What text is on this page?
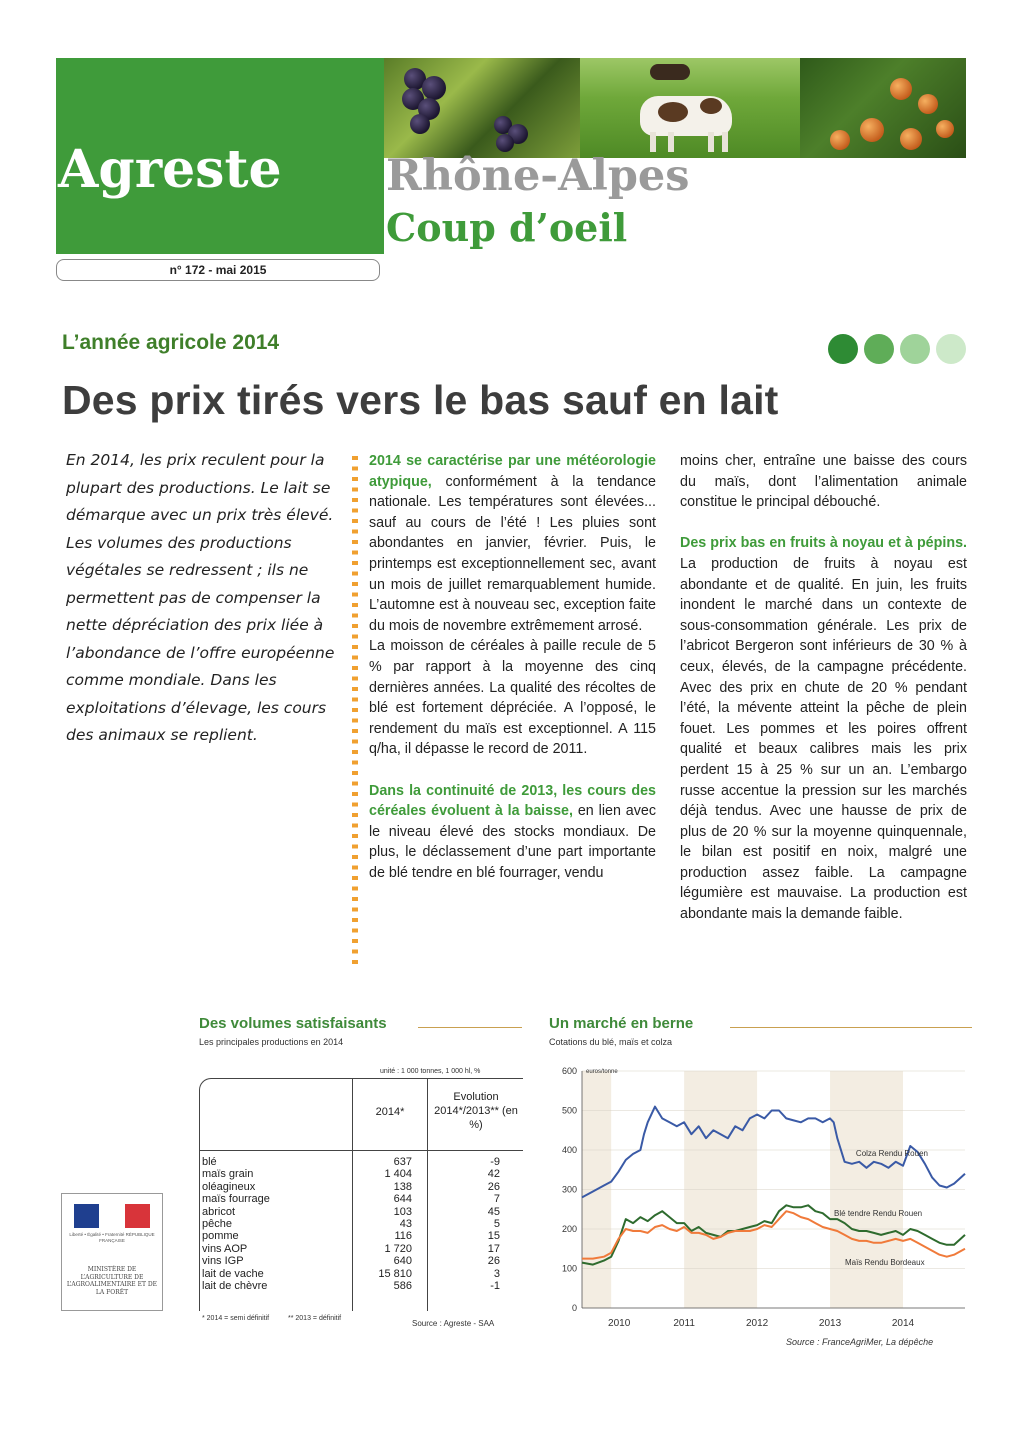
Agreste Rhône-Alpes
Coup d’oeil
n° 172 - mai 2015
L’année agricole 2014
Des prix tirés vers le bas sauf en lait
En 2014, les prix reculent pour la plupart des productions. Le lait se démarque avec un prix très élevé. Les volumes des productions végétales se redressent ; ils ne permettent pas de compenser la nette dépréciation des prix liée à l’abondance de l’offre européenne comme mondiale. Dans les exploitations d’élevage, les cours des animaux se replient.

2014 se caractérise par une météorologie atypique, conformément à la tendance nationale. Les températures sont élevées... sauf au cours de l’été ! Les pluies sont abondantes en janvier, février. Puis, le printemps est exceptionnellement sec, avant un mois de juillet remarquablement humide. L’automne est à nouveau sec, exception faite du mois de novembre extrêmement arrosé.

La moisson de céréales à paille recule de 5 % par rapport à la moyenne des cinq dernières années. La qualité des récoltes de blé est fortement dépréciée. A l’opposé, le rendement du maïs est exceptionnel. A 115 q/ha, il dépasse le record de 2011.

Dans la continuité de 2013, les cours des céréales évoluent à la baisse, en lien avec le niveau élevé des stocks mondiaux. De plus, le déclassement d’une part importante de blé tendre en blé fourrager, vendu

moins cher, entraîne une baisse des cours du maïs, dont l’alimentation animale constitue le principal débouché.

Des prix bas en fruits à noyau et à pépins. La production de fruits à noyau est abondante et de qualité. En juin, les fruits inondent le marché dans un contexte de sous-consommation générale. Les prix de l’abricot Bergeron sont inférieurs de 30 % à ceux, élevés, de la campagne précédente. Avec des prix en chute de 20 % pendant l’été, la mévente atteint la pêche de plein fouet. Les pommes et les poires offrent qualité et beaux calibres mais les prix perdent 15 à 25 % sur un an. L’embargo russe accentue la pression sur les marchés déjà tendus. Avec une hausse de prix de plus de 20 % sur la moyenne quinquennale, le bilan est positif en noix, malgré une production assez faible. La campagne légumière est mauvaise. La production est abondante mais la demande faible.

Des volumes satisfaisants
Les principales productions en 2014
unité : 1 000 tonnes, 1 000 hl, %
2014*
Evolution 2014*/2013** (en %)
blé	637	-9
maïs grain	1 404	42
oléagineux	138	26
maïs fourrage	644	7
abricot	103	45
pêche	43	5
pomme	116	15
vins AOP	1 720	17
vins IGP	640	26
lait de vache	15 810	3
lait de chèvre	586	-1
* 2014 = semi définitif	** 2013 = définitif
Source : Agreste - SAA
Liberté • Égalité • Fraternité RÉPUBLIQUE FRANÇAISE
MINISTÈRE DE L’AGRICULTURE DE L’AGROALIMENTAIRE ET DE LA FORÊT
Un marché en berne
Cotations du blé, maïs et colza
0
100
200
300
400
500
600 euros/tonne
2010	2011	2012	2013	2014
Colza Rendu Rouen
Blé tendre Rendu Rouen
Maïs Rendu Bordeaux
Source : FranceAgriMer, La dépêche
